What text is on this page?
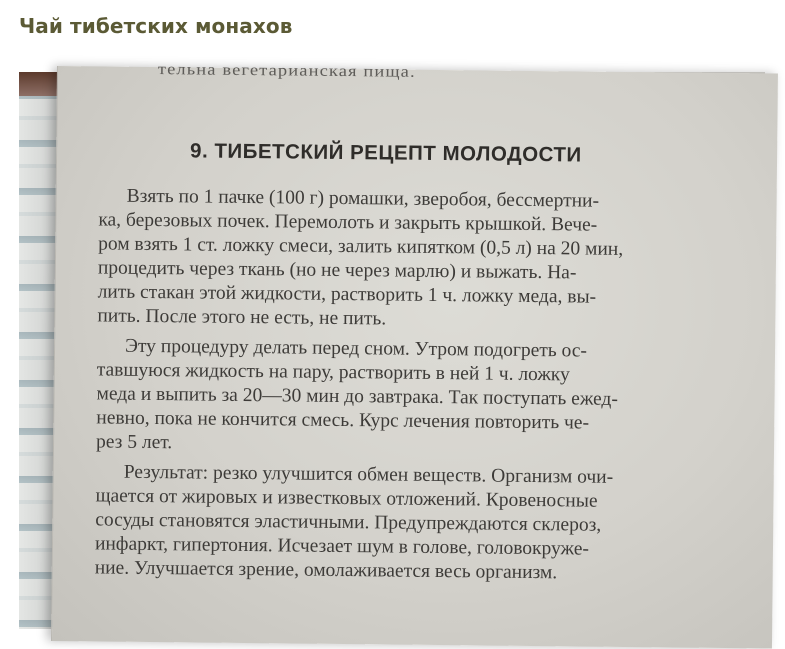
Чай тибетских монахов
тельна вегетарианская пища.
9. ТИБЕТСКИЙ РЕЦЕПТ МОЛОДОСТИ

Взять по 1 пачке (100 г) ромашки, зверобоя, бессмертни-

ка, березовых почек. Перемолоть и закрыть крышкой. Вече-

ром взять 1 ст. ложку смеси, залить кипятком (0,5 л) на 20 мин,

процедить через ткань (но не через марлю) и выжать. На-

лить стакан этой жидкости, растворить 1 ч. ложку меда, вы-

пить. После этого не есть, не пить.

Эту процедуру делать перед сном. Утром подогреть ос-

тавшуюся жидкость на пару, растворить в ней 1 ч. ложку

меда и выпить за 20—30 мин до завтрака. Так поступать ежед-

невно, пока не кончится смесь. Курс лечения повторить че-

рез 5 лет.

Результат: резко улучшится обмен веществ. Организм очи-

щается от жировых и известковых отложений. Кровеносные

сосуды становятся эластичными. Предупреждаются склероз,

инфаркт, гипертония. Исчезает шум в голове, головокруже-

ние. Улучшается зрение, омолаживается весь организм.
